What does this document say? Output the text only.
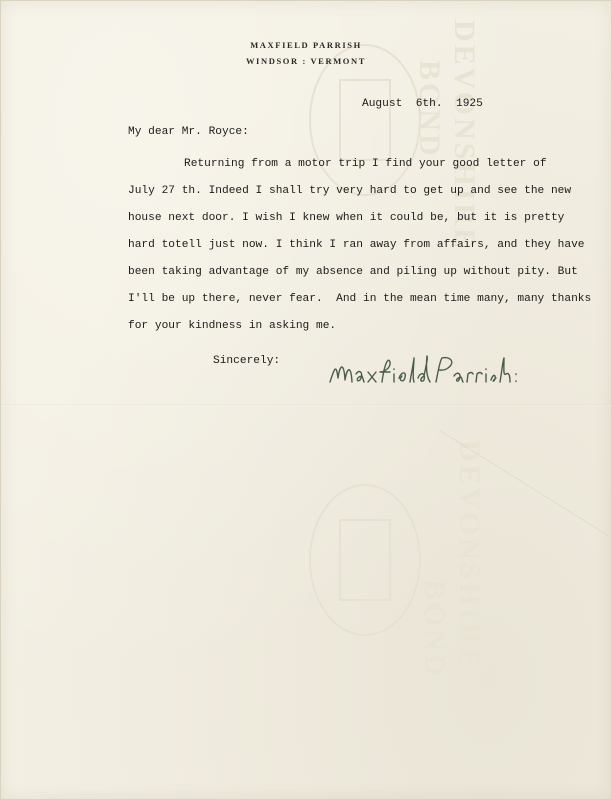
DEVONSHIRE
BOND
DEVONSHIRE
BOND
MAXFIELD PARRISH
WINDSOR : VERMONT
August  6th.  1925
My dear Mr. Royce:
Returning from a motor trip I find your good letter of
July 27 th. Indeed I shall try very hard to get up and see the new
house next door. I wish I knew when it could be, but it is pretty
hard totell just now. I think I ran away from affairs, and they have
been taking advantage of my absence and piling up without pity. But
I'll be up there, never fear.  And in the mean time many, many thanks
for your kindness in asking me.
Sincerely:
